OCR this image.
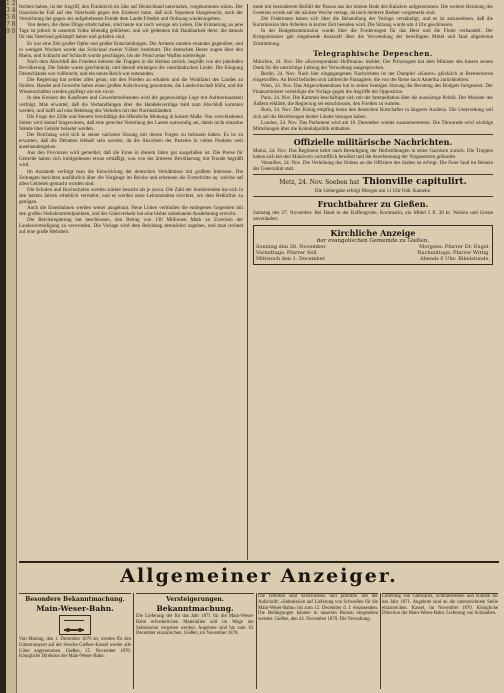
1 2 3 4 5 6 7 8 9 0

fechten haben, ist der Angriff, den Frankreich im Jahr auf Deutschland unternahm, vorgekommen wären. Der französische Fall auf des Vaterlands gegen den Eroberer hatte, daß sich Napoleon klargemacht, nach der Vernichtung der gegen uns aufgehobenen Feinde dem Lande Frieden und Ordnung wiederzugeben.

Von denen, die diese Dinge erlebt haben, sind heute nur noch wenige am Leben. Die Erinnerung an jene Tage ist jedoch in unserem Volke lebendig geblieben, und wir gedenken mit Dankbarkeit derer, die damals für das Vaterland gekämpft haben und gefallen sind.

Es war eine Zeit großer Opfer und großer Entscheidungen. Die Armeen standen einander gegenüber, und in wenigen Wochen wurde das Schicksal zweier Völker bestimmt. Die deutschen Heere zogen über den Rhein, und Schlacht auf Schlacht wurde geschlagen, bis der Feind seine Waffen niederlegte.

Nach dem Abschluß des Friedens kehrten die Truppen in die Heimat zurück, begrüßt von der jubelnden Bevölkerung. Die Städte waren geschmückt, und überall erklangen die vaterländischen Lieder. Die Einigung Deutschlands war vollbracht, und ein neues Reich war entstanden.

Die Regierung hat seither alles getan, um den Frieden zu erhalten und die Wohlfahrt des Landes zu fördern. Handel und Gewerbe haben einen großen Aufschwung genommen, die Landwirtschaft blüht, und die Wissenschaften werden gepflegt wie nie zuvor.

In den Kreisen der Kaufleute und Gewerbetreibenden wird die gegenwärtige Lage mit Aufmerksamkeit verfolgt. Man erwartet, daß die Verhandlungen über die Handelsverträge bald zum Abschluß kommen werden, und hofft auf eine Belebung des Verkehrs mit den Nachbarländern.

Die Frage der Zölle und Steuern beschäftigt die öffentliche Meinung in hohem Maße. Von verschiedenen Seiten wird darauf hingewiesen, daß eine gerechte Verteilung der Lasten notwendig sei, damit nicht einzelne Stände über Gebühr belastet werden.

Der Reichstag wird sich in seiner nächsten Sitzung mit diesen Fragen zu befassen haben. Es ist zu erwarten, daß die Debatten lebhaft sein werden, da die Ansichten der Parteien in vielen Punkten weit auseinandergehen.

Aus den Provinzen wird gemeldet, daß die Ernte in diesem Jahre gut ausgefallen ist. Die Preise für Getreide haben sich infolgedessen etwas ermäßigt, was von der ärmeren Bevölkerung mit Freude begrüßt wird.

Im Auslande verfolgt man die Entwicklung der deutschen Verhältnisse mit großem Interesse. Die Zeitungen berichten ausführlich über die Vorgänge im Reiche und erkennen die Fortschritte an, welche auf allen Gebieten gemacht worden sind.

Die Schulen und Hochschulen werden stärker besucht als je zuvor. Die Zahl der Studierenden hat sich in den letzten Jahren erheblich vermehrt, und es werden neue Lehranstalten errichtet, um dem Bedürfnis zu genügen.

Auch die Eisenbahnen werden weiter ausgebaut. Neue Linien verbinden die entlegenen Gegenden mit den großen Verkehrsmittelpunkten, und der Güterverkehr hat eine bisher unbekannte Ausdehnung erreicht.

Die Reichsregierung hat beschlossen, den Betrag von 130 Millionen Mark zu Zwecken der Landesverteidigung zu verwenden. Die Vorlage wird dem Reichstag demnächst zugehen, und man rechnet auf eine große Mehrheit.

mute mit besonderem Beifall der Passus aus der letzten Rede des Kanzlers aufgenommen. Die weitere Beratung des Gesetzes wurde auf die nächste Woche vertagt, da noch mehrere Redner vorgemerkt sind.

Die Fraktionen haben sich über die Behandlung der Vorlage verständigt, und es ist anzunehmen, daß die Kommission ihre Arbeiten in kurzer Zeit beenden wird. Die Sitzung wurde um 4 Uhr geschlossen.

In der Budgetkommission wurde über die Forderungen für das Heer und die Flotte verhandelt. Der Kriegsminister gab eingehende Auskunft über die Verwendung der bewilligten Mittel und fand allgemeine Zustimmung.

Telegraphische Depeschen.

München, 24. Nov. Die »Korrespondenz Hoffmann« meldet: Der Prinzregent hat dem Minister des Innern seinen Dank für die umsichtige Leitung der Verwaltung ausgesprochen.

Berlin, 24. Nov. Nach hier eingegangenen Nachrichten ist der Dampfer »Kaiser« glücklich in Bremerhaven eingetroffen. An Bord befinden sich zahlreiche Passagiere, die von der Reise nach Amerika zurückkehren.

Wien, 24. Nov. Das Abgeordnetenhaus hat in seiner heutigen Sitzung die Beratung des Budgets fortgesetzt. Der Finanzminister verteidigte die Vorlage gegen die Angriffe der Opposition.

Paris, 24. Nov. Die Kammer beschäftigte sich mit der Interpellation über die auswärtige Politik. Der Minister des Äußern erklärte, die Regierung sei entschlossen, den Frieden zu wahren.

Rom, 24. Nov. Der König empfing heute den deutschen Botschafter in längerer Audienz. Die Unterredung soll sich auf die Beziehungen beider Länder bezogen haben.

London, 24. Nov. Das Parlament wird am 10. Dezember wieder zusammentreten. Die Thronrede wird wichtige Mitteilungen über die Kolonialpolitik enthalten.

Offizielle militärische Nachrichten.

Mainz, 24. Nov. Das Regiment kehrt nach Beendigung der Herbstübungen in seine Garnison zurück. Die Truppen haben sich bei den Manövern vortrefflich bewährt und die Anerkennung der Vorgesetzten gefunden.

Versailles, 24. Nov. Die Verleihung des Ordens an die Offiziere des Stabes ist erfolgt. Die Feier fand im Beisein der Generalität statt.

Metz, 24. Nov. Soeben hat Thionville capitulirt.

Die Uebergabe erfolgt Morgen um 11 Uhr früh. Kameke.

Fruchtbahrer zu Gießen.

Samstag den 27. November. Bei Hand in der Kaffengrube, Kornmarkt, ein Mittel 5 fl. 30 kr. Weizen und Gerste unverändert.

Kirchliche Anzeige
der evangelischen Gemeinde zu Gießen.
Sonntag den 28. November.	Morgens: Pfarrer Dr. Engel.
Vormittags: Pfarrer Sell.	Nachmittags: Pfarrer Wittig.
Mittwoch den 1. December.	Abends 6 Uhr: Bibelstunde.
Allgemeiner Anzeiger.
Besondere Bekanntmachung.
Main-Weser-Bahn.

Von Montag, den 1. December 1870 an, werden für den Gütertransport auf der Strecke Gießen–Kassel wieder alle Güter angenommen. Gießen, 25. November 1870. Königliche Direktion der Main-Weser-Bahn.

Versteigerungen.
Bekanntmachung.

Die Lieferung der für das Jahr 1871 für die Main-Weser-Bahn erforderlichen Materialien soll im Wege der Submission vergeben werden. Angebote sind bis zum 10. December einzureichen. Gießen, im November 1870.

Die Offerten sind verschlossen und portofrei mit der Aufschrift: »Submission auf Lieferung von Schwellen für die Main-Weser-Bahn« bis zum 12. December d. J. einzusenden. Die Bedingungen können in unserem Bureau eingesehen werden. Gießen, den 24. November 1870. Die Verwaltung.

Lieferung von Gußwaren, Schmiedeeisen und Kohlen für das Jahr 1871. Angebote sind an die unterzeichnete Stelle einzureichen. Kassel, im November 1870. Königliche Direction der Main-Weser-Bahn. Lieferung von Schrauben.
